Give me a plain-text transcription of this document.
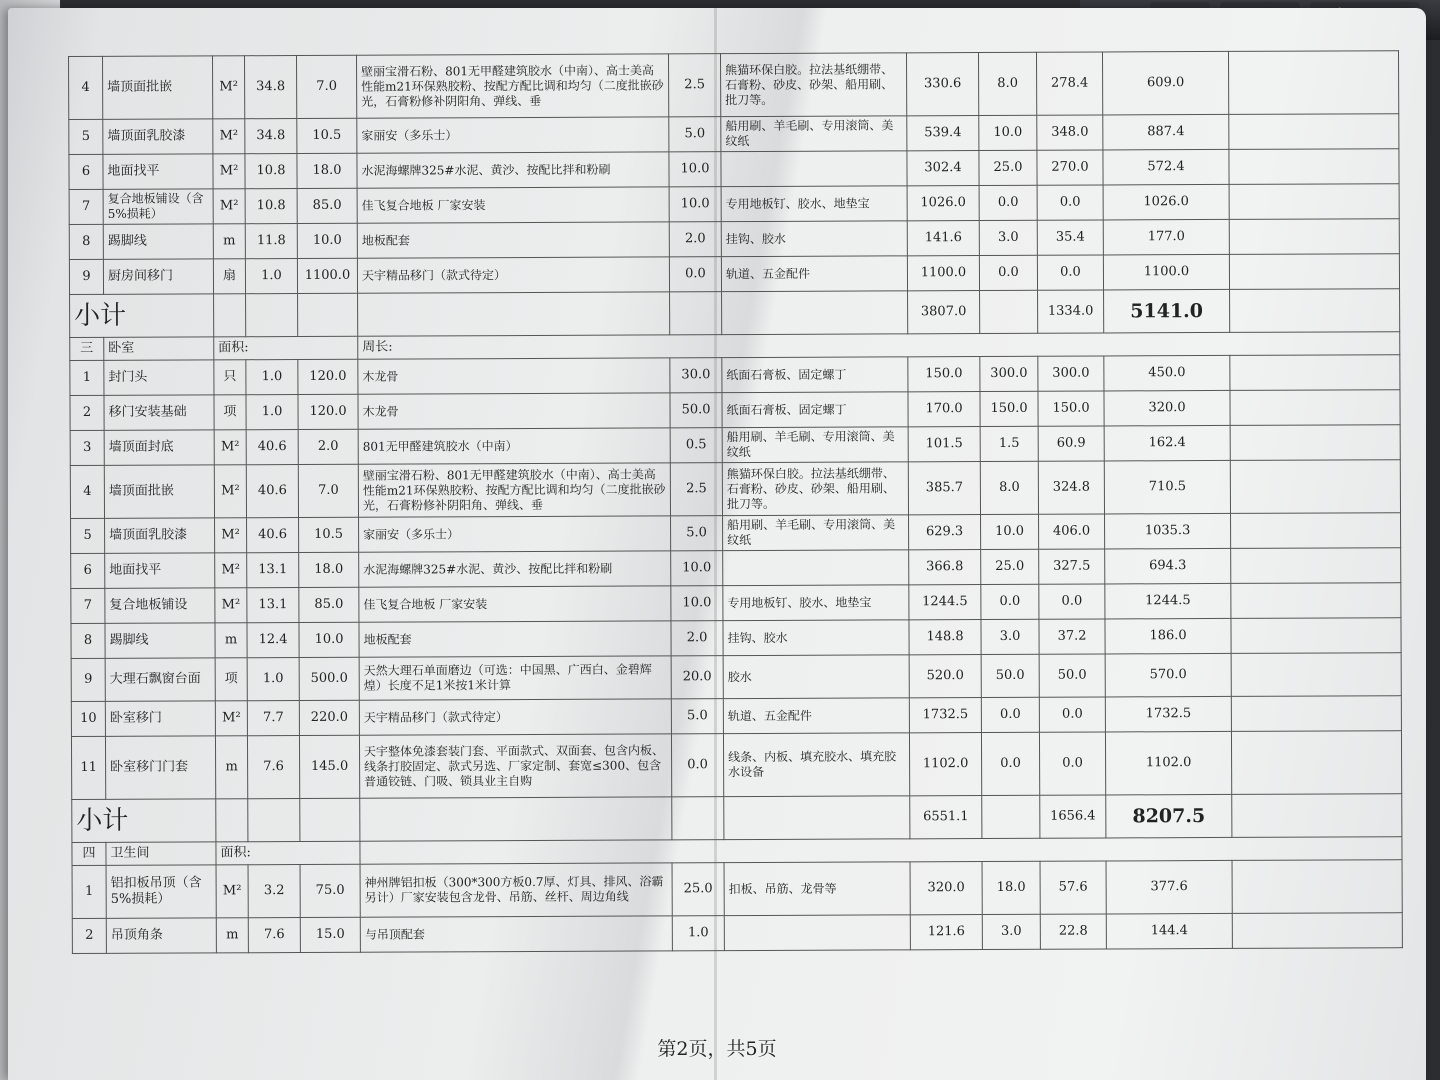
4	墙顶面批嵌	M²	34.8	7.0	壁丽宝滑石粉、801无甲醛建筑胶水（中南）、高士美高性能m21环保熟胶粉、按配方配比调和均匀（二度批嵌砂光，石膏粉修补阴阳角、弹线、垂	2.5	熊猫环保白胶。拉法基纸绷带、石膏粉、砂皮、砂架、船用刷、批刀等。	330.6	8.0	278.4	609.0	
5	墙顶面乳胶漆	M²	34.8	10.5	家丽安（多乐士）	5.0	船用刷、羊毛刷、专用滚筒、美纹纸	539.4	10.0	348.0	887.4	
6	地面找平	M²	10.8	18.0	水泥海螺牌325#水泥、黄沙、按配比拌和粉刷	10.0		302.4	25.0	270.0	572.4	
7	复合地板铺设（含5%损耗）	M²	10.8	85.0	佳飞复合地板 厂家安装	10.0	专用地板钉、胶水、地垫宝	1026.0	0.0	0.0	1026.0	
8	踢脚线	m	11.8	10.0	地板配套	2.0	挂钩、胶水	141.6	3.0	35.4	177.0	
9	厨房间移门	扇	1.0	1100.0	天宇精品移门（款式待定）	0.0	轨道、五金配件	1100.0	0.0	0.0	1100.0	
小计								3807.0		1334.0	5141.0	
三	卧室	面积:			周长:							
1	封门头	只	1.0	120.0	木龙骨	30.0	纸面石膏板、固定螺丁	150.0	300.0	300.0	450.0	
2	移门安装基础	项	1.0	120.0	木龙骨	50.0	纸面石膏板、固定螺丁	170.0	150.0	150.0	320.0	
3	墙顶面封底	M²	40.6	2.0	801无甲醛建筑胶水（中南）	0.5	船用刷、羊毛刷、专用滚筒、美纹纸	101.5	1.5	60.9	162.4	
4	墙顶面批嵌	M²	40.6	7.0	壁丽宝滑石粉、801无甲醛建筑胶水（中南）、高士美高性能m21环保熟胶粉、按配方配比调和均匀（二度批嵌砂光，石膏粉修补阴阳角、弹线、垂	2.5	熊猫环保白胶。拉法基纸绷带、石膏粉、砂皮、砂架、船用刷、批刀等。	385.7	8.0	324.8	710.5	
5	墙顶面乳胶漆	M²	40.6	10.5	家丽安（多乐士）	5.0	船用刷、羊毛刷、专用滚筒、美纹纸	629.3	10.0	406.0	1035.3	
6	地面找平	M²	13.1	18.0	水泥海螺牌325#水泥、黄沙、按配比拌和粉刷	10.0		366.8	25.0	327.5	694.3	
7	复合地板铺设	M²	13.1	85.0	佳飞复合地板 厂家安装	10.0	专用地板钉、胶水、地垫宝	1244.5	0.0	0.0	1244.5	
8	踢脚线	m	12.4	10.0	地板配套	2.0	挂钩、胶水	148.8	3.0	37.2	186.0	
9	大理石飘窗台面	项	1.0	500.0	天然大理石单面磨边（可选：中国黑、广西白、金碧辉煌）长度不足1米按1米计算	20.0	胶水	520.0	50.0	50.0	570.0	
10	卧室移门	M²	7.7	220.0	天宇精品移门（款式待定）	5.0	轨道、五金配件	1732.5	0.0	0.0	1732.5	
11	卧室移门门套	m	7.6	145.0	天宇整体免漆套装门套、平面款式、双面套、包含内板、线条打胶固定、款式另选、厂家定制、套宽≤300、包含普通铰链、门吸、锁具业主自购	0.0	线条、内板、填充胶水、填充胶水设备	1102.0	0.0	0.0	1102.0	
小计								6551.1		1656.4	8207.5	
四	卫生间	面积:										
1	铝扣板吊顶（含5%损耗）	M²	3.2	75.0	神州牌铝扣板（300*300方板0.7厚、灯具、排风、浴霸另计）厂家安装包含龙骨、吊筋、丝杆、周边角线	25.0	扣板、吊筋、龙骨等	320.0	18.0	57.6	377.6	
2	吊顶角条	m	7.6	15.0	与吊顶配套	1.0		121.6	3.0	22.8	144.4	
第2页，共5页
